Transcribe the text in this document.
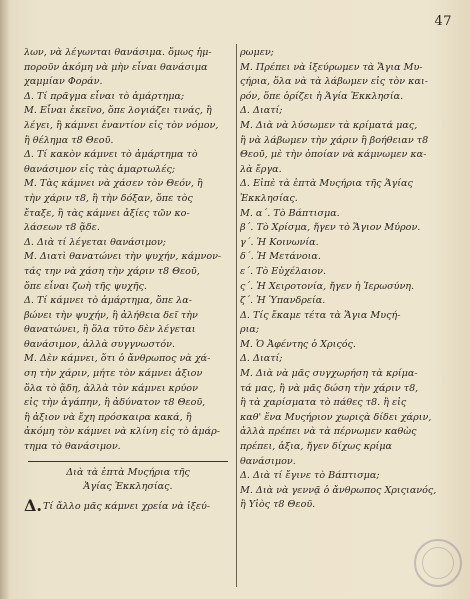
47
λων, νὰ λέγωνται θανάσιμα. ὅμως ἡμ-
ποροῦν ἀκόμη νὰ μὴν εἶναι θανάσιμα
χαμμίαν Φοράν.
Δ. Τί πρᾶγμα εἶναι τὸ ἁμάρτημα;
Μ. Εἶναι ἐκεῖνο, ὅπε λογιάζει τινάς, ἢ
λέγει, ἢ κάμνει ἐναντίον εἰς τὸν νόμον,
ἢ θέλημα τ8 Θεοῦ.
Δ. Τί κακὸν κάμνει τὸ ἁμάρτημα τὸ
θανάσιμον εἰς τὰς ἁμαρτωλές;
Μ. Τὰς κάμνει νὰ χάσεν τὸν Θεόν, ἢ
τὴν χάριν τ8, ἢ τὴν δόξαν, ὅπε τὸς
ἔταξε, ἢ τὰς κάμνει ἀξίες τῶν κο-
λάσεων τ8 ᾅδε.
Δ. Διὰ τί λέγεται θανάσιμον;
Μ. Διατὶ θανατώνει τὴν ψυχήν, κάμνον-
τάς την νὰ χάση τὴν χάριν τ8 Θεοῦ,
ὅπε εἶναι ζωὴ τῆς ψυχῆς.
Δ. Τί κάμνει τὸ ἁμάρτημα, ὅπε λα-
βώνει τὴν ψυχήν, ἢ ἀλήθεια δεῖ τὴν
θανατώνει, ἢ ὅλα τῦτο δὲν λέγεται
θανάσιμον, ἀλλὰ συγγνωστόν.
Μ. Δὲν κάμνει, ὅτι ὁ ἄνθρωπος νὰ χά-
ση τὴν χάριν, μήτε τὸν κάμνει ἀξιον
ὅλα τὸ ᾅδη, ἀλλὰ τὸν κάμνει κρύον
εἰς τὴν ἀγάπην, ἢ ἀδύνατον τ8 Θεοῦ,
ἢ ἀξιον νὰ ἔχη πρόσκαιρα κακά, ἢ
ἀκόμη τὸν κάμνει νὰ κλίνη εἰς τὸ ἁμάρ-
τημα τὸ θανάσιμον.
Διὰ τὰ ἑπτὰ Μυςήρια τῆς
Ἁγίας Ἐκκλησίας.
Δ.Τί ἄλλο μᾶς κάμνει χρεία νὰ ἰξεύ-
ρωμεν;
Μ. Πρέπει νὰ ἰξεύρωμεν τὰ Ἅγια Μυ-
ςήρια, ὅλα νὰ τὰ λάβωμεν εἰς τὸν και-
ρόν, ὅπε ὁρίζει ἡ Ἁγία Ἐκκλησία.
Δ. Διατί;
Μ. Διὰ νὰ λύσωμεν τὰ κρίματά μας,
ἢ νὰ λάβωμεν τὴν χάριν ἢ βοήθειαν τ8
Θεοῦ, μὲ τὴν ὁποίαν νὰ κάμνωμεν κα-
λὰ ἔργα.
Δ. Εἰπὲ τὰ ἑπτὰ Μυςήρια τῆς Ἁγίας
Ἐκκλησίας.
Μ. α΄. Τὸ Βάπτισμα.
β΄. Τὸ Χρίσμα, ἤγεν τὸ Ἅγιον Μύρον.
γ΄. Ἡ Κοινωνία.
δ΄. Ἡ Μετάνοια.
ε΄. Τὸ Εὐχέλαιον.
ς΄. Ἡ Χειροτονία, ἤγεν ἡ Ἱερωσύνη.
ζ΄. Ἡ Ὑπανδρεία.
Δ. Τίς ἔκαμε τέτα τὰ Ἅγια Μυςή-
ρια;
Μ. Ὁ Ἀφέντης ὁ Χριςός.
Δ. Διατί;
Μ. Διὰ νὰ μᾶς συγχωρήση τὰ κρίμα-
τά μας, ἢ νὰ μᾶς δώση τὴν χάριν τ8,
ἢ τὰ χαρίσματα τὸ πάθες τ8. ἢ εἰς
καθ' ἕνα Μυςήριον χωριςὰ δίδει χάριν,
ἀλλὰ πρέπει νὰ τὰ πέρνωμεν καθὼς
πρέπει, ἀξια, ἤγεν δίχως κρίμα
θανάσιμον.
Δ. Διὰ τί ἔγινε τὸ Βάπτισμα;
Μ. Διὰ νὰ γεννᾷ ὁ ἄνθρωπος Χριςιανός,
ἢ Υἱὸς τ8 Θεοῦ.
